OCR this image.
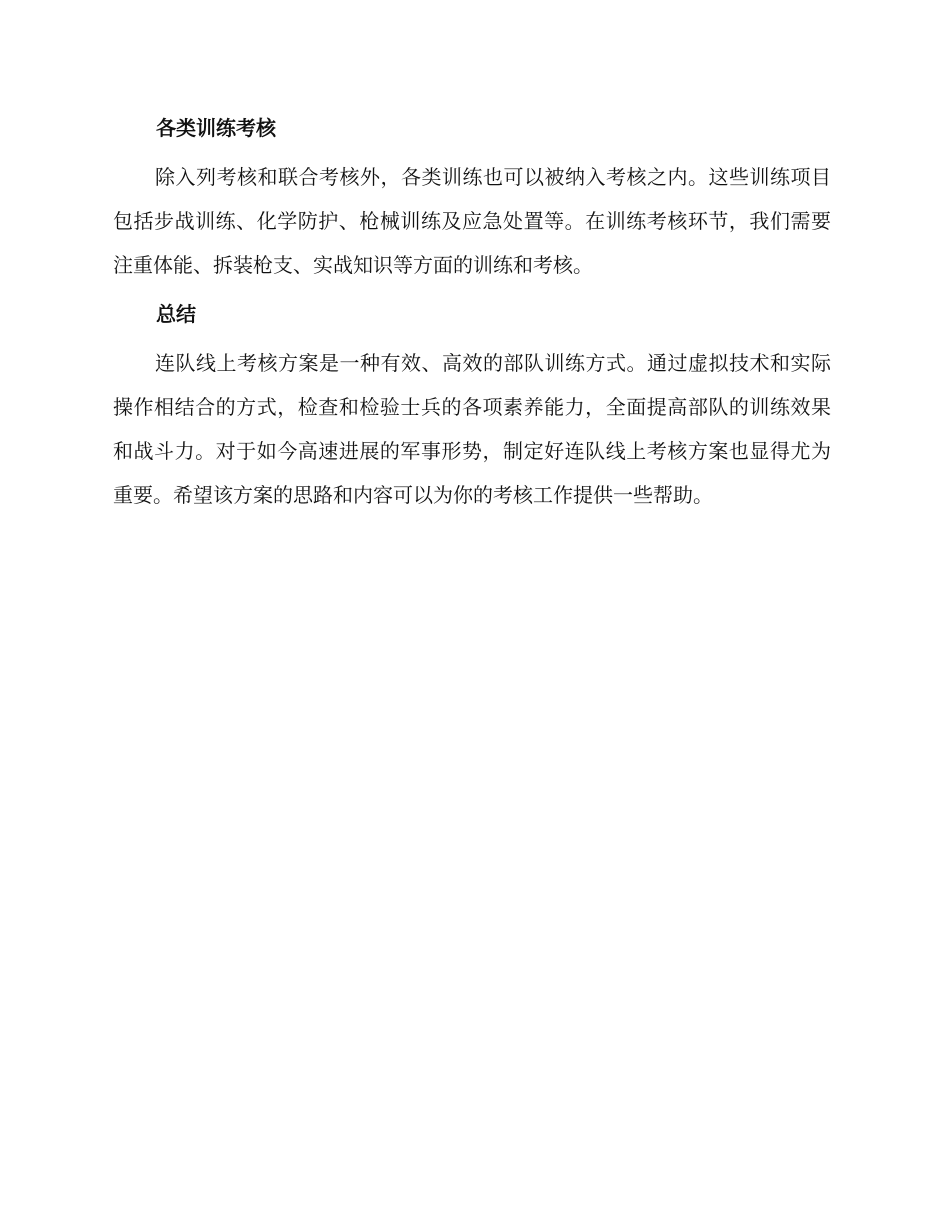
各类训练考核

除入列考核和联合考核外，各类训练也可以被纳入考核之内。这些训练项目包括步战训练、化学防护、枪械训练及应急处置等。在训练考核环节，我们需要注重体能、拆装枪支、实战知识等方面的训练和考核。

总结

连队线上考核方案是一种有效、高效的部队训练方式。通过虚拟技术和实际操作相结合的方式，检查和检验士兵的各项素养能力，全面提高部队的训练效果和战斗力。对于如今高速进展的军事形势，制定好连队线上考核方案也显得尤为重要。希望该方案的思路和内容可以为你的考核工作提供一些帮助。
